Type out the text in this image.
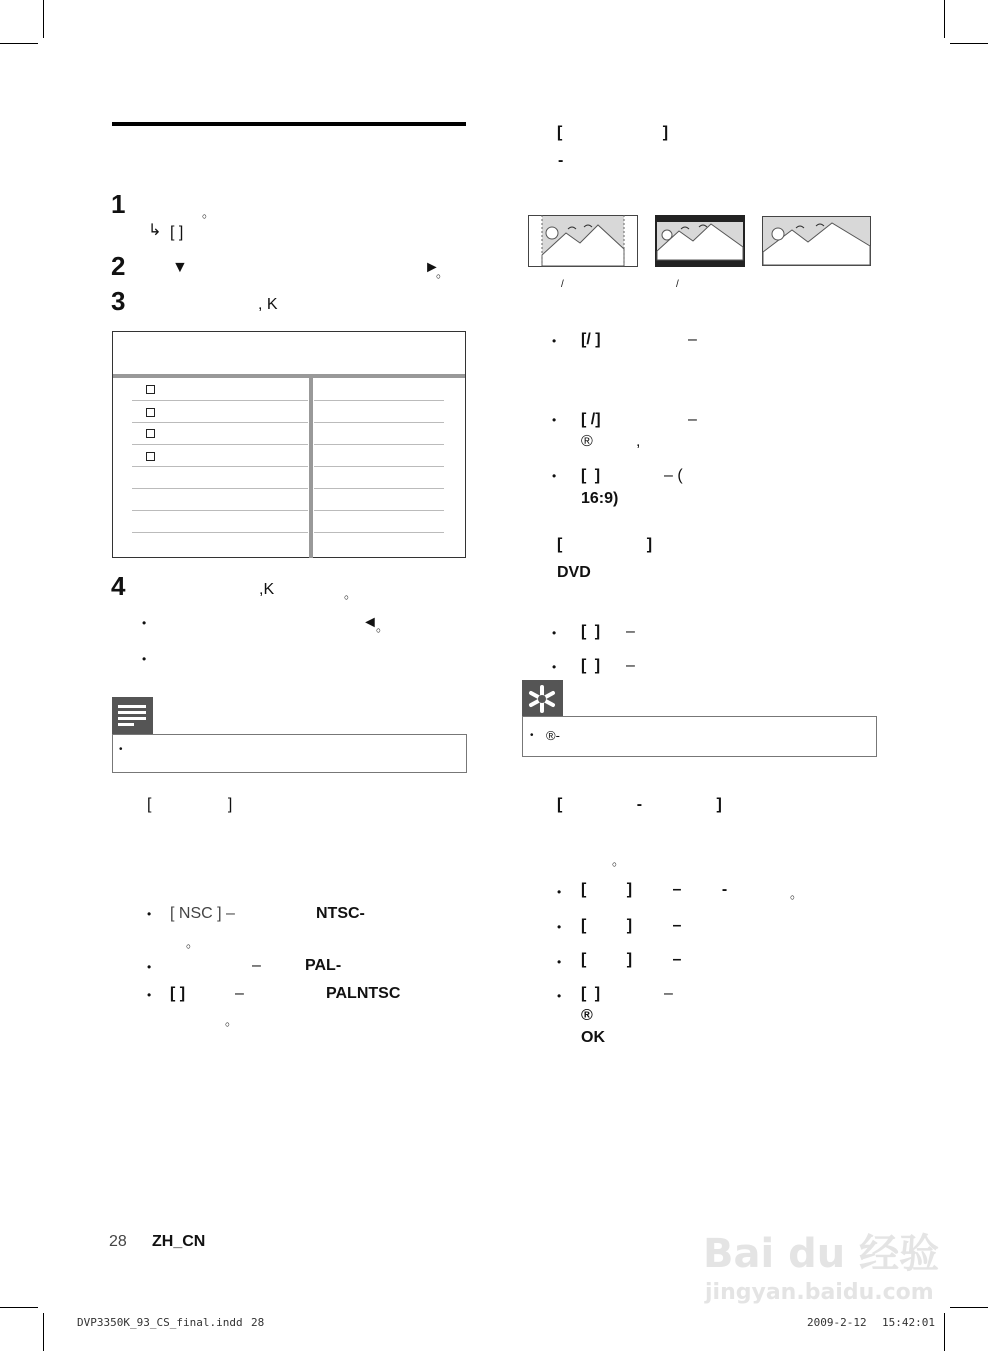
1	。
↳ [ ]
2	▼	►
。
3	, K
4	,K	。
•	◄
。
•
•
[ ]
• [ NSC ] –	NTSC-
。
•	–	PAL-
• [ ]	–	PALNTSC
。
[ ]
-
/	/
• [/ ]	–
• [ /]	–
®	,
• [ ]	– (
16:9)
[ ]
DVD
• [ ] –
• [ ] –
• ®-
[ - ]
。
• [ ] – -	。
• [ ] –
• [ ] –
• [ ]	–
®
OK
28 ZH_CN	Bai du 经验
jingyan.baidu.com
DVP3350K_93_CS_final.indd 28	2009-2-12 15:42:01
